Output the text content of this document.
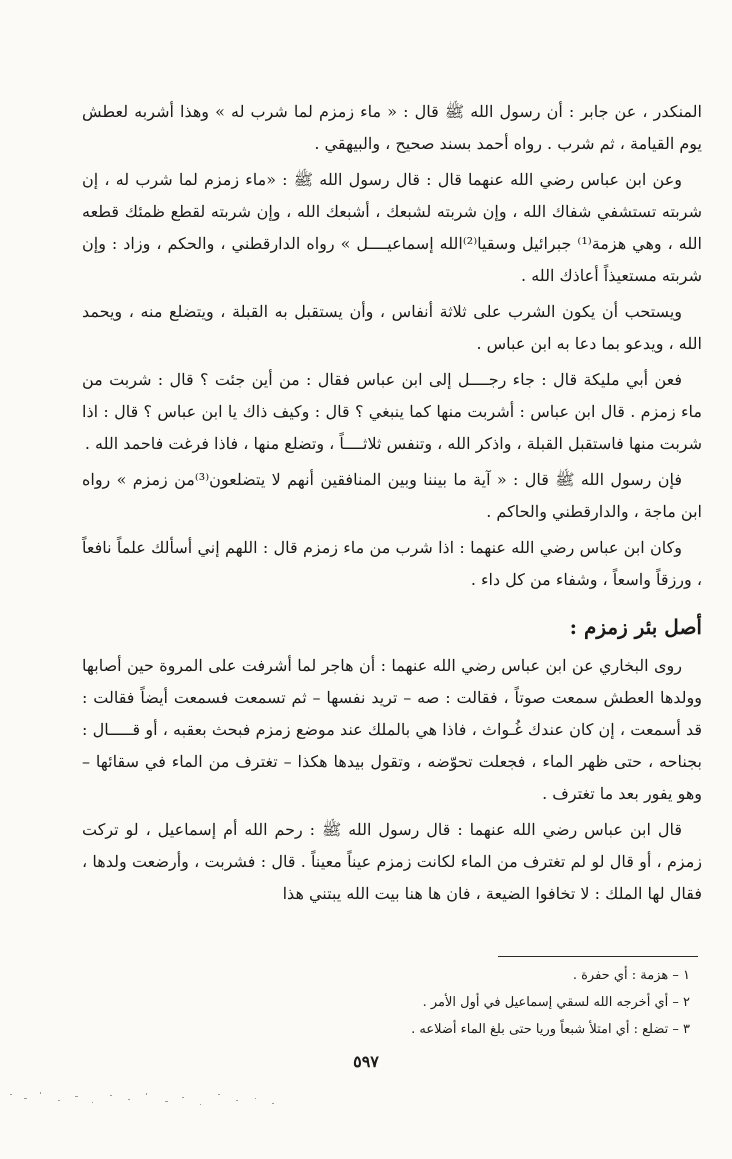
المنكدر ، عن جابر : أن رسول الله ﷺ قال : « ماء زمزم لما شرب له » وهذا أشربه لعطش يوم القيامة ، ثم شرب . رواه أحمد بسند صحيح ، والبيهقي .

وعن ابن عباس رضي الله عنهما قال : قال رسول الله ﷺ : «ماء زمزم لما شرب له ، إن شربته تستشفي شفاك الله ، وإن شربته لشبعك ، أشبعك الله ، وإن شربته لقطع ظمئك قطعه الله ، وهي هزمة⁽¹⁾ جبرائيل وسقيا⁽²⁾الله إسماعيــــل » رواه الدارقطني ، والحكم ، وزاد : وإن شربته مستعيذاً أعاذك الله .

ويستحب أن يكون الشرب على ثلاثة أنفاس ، وأن يستقبل به القبلة ، ويتضلع منه ، ويحمد الله ، ويدعو بما دعا به ابن عباس .

فعن أبي مليكة قال : جاء رجــــل إلى ابن عباس فقال : من أين جئت ؟ قال : شربت من ماء زمزم . قال ابن عباس : أشربت منها كما ينبغي ؟ قال : وكيف ذاك يا ابن عباس ؟ قال : اذا شربت منها فاستقبل القبلة ، واذكر الله ، وتنفس ثلاثــــاً ، وتضلع منها ، فاذا فرغت فاحمد الله .

فإن رسول الله ﷺ قال : « آية ما بيننا وبين المنافقين أنهم لا يتضلعون⁽³⁾من زمزم » رواه ابن ماجة ، والدارقطني والحاكم .

وكان ابن عباس رضي الله عنهما : اذا شرب من ماء زمزم قال : اللهم إني أسألك علماً نافعاً ، ورزقاً واسعاً ، وشفاء من كل داء .

أصل بئر زمزم :

روى البخاري عن ابن عباس رضي الله عنهما : أن هاجر لما أشرفت على المروة حين أصابها وولدها العطش سمعت صوتاً ، فقالت : صه – تريد نفسها – ثم تسمعت فسمعت أيضاً فقالت : قد أسمعت ، إن كان عندك غُـواث ، فاذا هي بالملك عند موضع زمزم فبحث بعقبه ، أو قـــــال : بجناحه ، حتى ظهر الماء ، فجعلت تحوّضه ، وتقول بيدها هكذا – تغترف من الماء في سقائها – وهو يفور بعد ما تغترف .

قال ابن عباس رضي الله عنهما : قال رسول الله ﷺ : رحم الله أم إسماعيل ، لو تركت زمزم ، أو قال لو لم تغترف من الماء لكانت زمزم عيناً معيناً . قال : فشربت ، وأرضعت ولدها ، فقال لها الملك : لا تخافوا الضيعة ، فان ها هنا بيت الله يبتني هذا

١ – هزمة : أي حفرة .
٢ – أي أخرجه الله لسقي إسماعيل في أول الأمر .
٣ – تضلع : أي امتلأ شبعاً وريا حتى بلغ الماء أضلاعه .
٥٩٧
